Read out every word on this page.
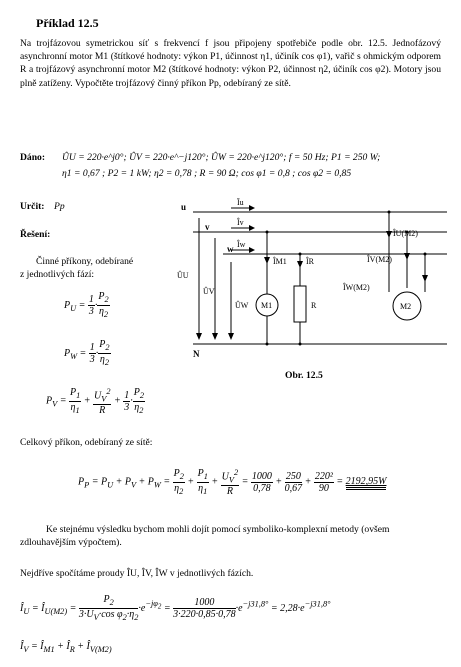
Příklad 12.5
Na trojfázovou symetrickou síť s frekvencí f jsou připojeny spotřebiče podle obr. 12.5. Jednofázový asynchronní motor M1 (štítkové hodnoty: výkon P1, účinnost η1, účiník cos φ1), vařič s ohmickým odporem R a trojfázový asynchronní motor M2 (štítkové hodnoty: výkon P2, účinnost η2, účiník cos φ2). Motory jsou plně zatíženy. Vypočtěte trojfázový činný příkon Pp, odebíraný ze sítě.
Dáno: ÛU = 220·e^j0°; ÛV = 220·e^−j120°; ÛW = 220·e^j120°; f = 50 Hz; P1 = 250 W;
η1 = 0,67 ; P2 = 1 kW; η2 = 0,78 ; R = 90 Ω; cos φ1 = 0,8 ; cos φ2 = 0,85
Určit: Pp
Řešení:
Činné příkony, odebírané
z jednotlivých fází:
$P_U = \frac{1}{3} \cdot \frac{P_2}{\eta_2}$
$P_W = \frac{1}{3} \cdot \frac{P_2}{\eta_2}$
$P_V = \frac{P_1}{\eta_1} + \frac{U_V^2}{R} + \frac{1}{3} \cdot \frac{P_2}{\eta_2}$
u
v
w
N
Îu
Îv
Îw
ÎM1 ÎR
ÎU(M2)
ÎV(M2)
ÎW(M2)
ÛU
ÛV
ÛW M1	R	M2
Obr. 12.5
Celkový příkon, odebíraný ze sítě:
$P_P = P_U + P_V + P_W = \frac{P_2}{\eta_2} + \frac{P_1}{\eta_1} + \frac{U_V^2}{R} = \frac{1000}{0,78} + \frac{250}{0,67} + \frac{\text{220²}}{90} = 2192,95W$
Ke stejnému výsledku bychom mohli dojít pomocí symboliko-komplexní metody (ovšem zdlouhavějším výpočtem).
Nejdříve spočítáme proudy ÎU, ÎV, ÎW v jednotlivých fázích.
$Î_U$ = $Î_{U(M2)} = \frac{P_2}{3\cdot U_V\cdot\cos \varphi_2\cdot\eta_2} \cdot e^{-j\varphi_2} = \frac{1000}{3\cdot 220\cdot 0,85\cdot 0,78} \cdot e^{-j31,8^\circ} = 2,28\cdot e^{-j31,8^\circ}$
$Î_V$ = $Î_{M1}$ + $Î_R$ + $Î_{V(M2)}$
